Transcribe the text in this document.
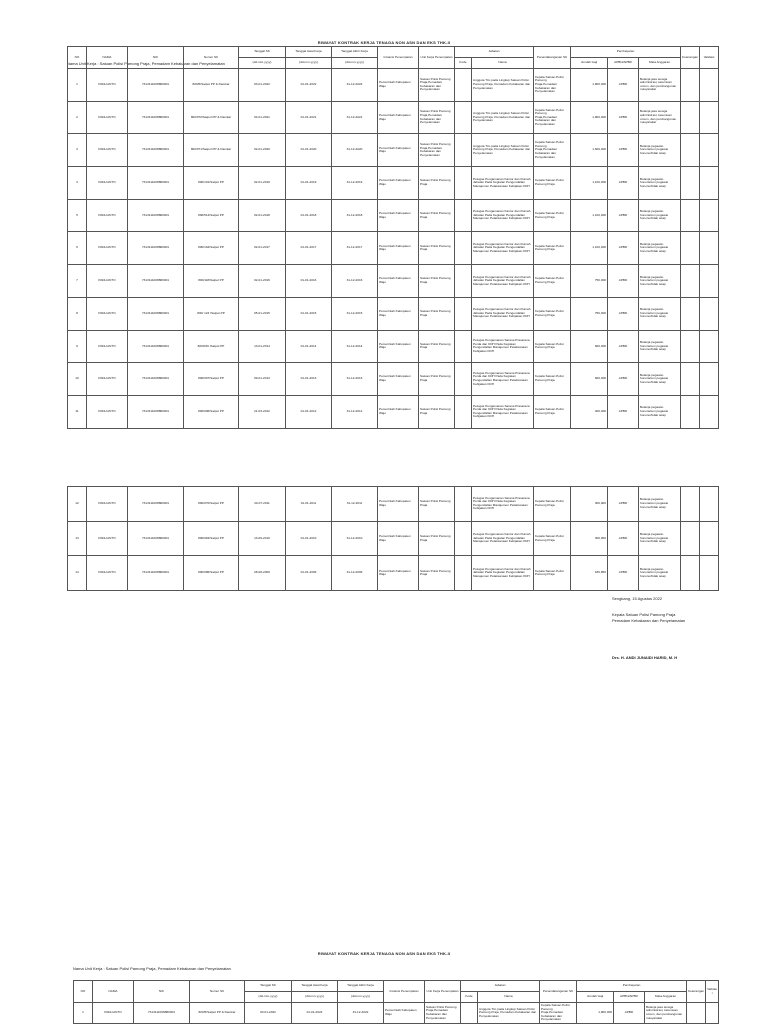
RIWAYAT KONTRAK KERJA TENAGA NON ASN DAN EKS THK-II
Nama Unit Kerja : Satuan Polisi Pamong Praja, Pemadam Kebakaran dan Penyelamatan
NO	NAMA	NIK	Nomor SK	Tanggal SK	Tanggal Awal Kerja	Tanggal Akhir Kerja	Instansi Penempatan	Unit Kerja Penempatan	Jabatan		Penandatanganan SK	Pembayaran			Keterangan	Validasi
				(dd-mm-yyyy)	(dd-mm-yyyy)	(dd-mm-yyyy)			Kode	Nama		Jumlah Gaji	APBN/APBD	Mata Anggaran		
1	PADLIANTO	7313111008880001	800/5/Satpol PP & Damkar	03-01-2022	01-01-2022	31-12-2022	Pemerintah Kabupaten Wajo	Satuan Polisi Pamong Praja,Pemadam Kebakaran dan Penyelamatan		Anggota Tim pada Lingkup Satuan Polisi Pamong Praja, Pemadam Kebakaran dan Penyelamatan	Kepala Satuan Polisi Pamong Praja,Pemadam Kebakaran dan Penyelamatan	1,800,000	APBD	Belanja jasa tenaga administrasi, ketentuan umum, dan pembangunan masyarakat		
2	PADLIANTO	7313111008880001	800/070/Satpol PP & Damkar	04-01-2021	01-01-2021	31-12-2021	Pemerintah Kabupaten Wajo	Satuan Polisi Pamong Praja,Pemadam Kebakaran dan Penyelamatan		Anggota Tim pada Lingkup Satuan Polisi Pamong Praja, Pemadam Kebakaran dan Penyelamatan	Kepala Satuan Polisi Pamong Praja,Pemadam Kebakaran dan Penyelamatan	1,800,000	APBD	Belanja jasa tenaga administrasi, ketentuan umum, dan pembangunan masyarakat		
3	PADLIANTO	7313111008880001	800/071/Satpol PP & Damkar	02-01-2020	01-01-2020	31-12-2020	Pemerintah Kabupaten Wajo	Satuan Polisi Pamong Praja,Pemadam Kebakaran dan Penyelamatan		Anggota Tim pada Lingkup Satuan Polisi Pamong Praja, Pemadam Kebakaran dan Penyelamatan	Kepala Satuan Polisi Pamong Praja,Pemadam Kebakaran dan Penyelamatan	1,600,000	APBD	Belanja pegawai-honorarium pegawai honorer/tidak tetap		
4	PADLIANTO	7313111008880001	800/101/Satpol PP	02-01-2019	01-01-2019	31-12-2019	Pemerintah Kabupaten Wajo	Satuan Polisi Pamong Praja		Petugas Pengamanan Kantor dan Rumah Jabatan Pada Kegiatan Pengendalian Manajemen Pelaksanaan Kebijakan KDH	Kepala Satuan Polisi Pamong Praja	1,100,000	APBD	Belanja pegawai-honorarium pegawai honorer/tidak tetap		
5	PADLIANTO	7313111008880001	800/514/Satpol PP	02-01-2018	01-01-2018	31-12-2018	Pemerintah Kabupaten Wajo	Satuan Polisi Pamong Praja		Petugas Pengamanan Kantor dan Rumah Jabatan Pada Kegiatan Pengendalian Manajemen Pelaksanaan Kebijakan KDH	Kepala Satuan Polisi Pamong Praja	1,100,000	APBD	Belanja pegawai-honorarium pegawai honorer/tidak tetap		
6	PADLIANTO	7313111008880001	800/164/Satpol PP	02-01-2017	01-01-2017	31-12-2017	Pemerintah Kabupaten Wajo	Satuan Polisi Pamong Praja		Petugas Pengamanan Kantor dan Rumah Jabatan Pada Kegiatan Pengendalian Manajemen Pelaksanaan Kebijakan KDH	Kepala Satuan Polisi Pamong Praja	1,100,000	APBD	Belanja pegawai-honorarium pegawai honorer/tidak tetap		
7	PADLIANTO	7313111008880001	800/118/Satpol PP	02-01-2016	01-01-2016	31-12-2016	Pemerintah Kabupaten Wajo	Satuan Polisi Pamong Praja		Petugas Pengamanan Kantor dan Rumah Jabatan Pada Kegiatan Pengendalian Manajemen Pelaksanaan Kebijakan KDH	Kepala Satuan Polisi Pamong Praja	750,000	APBD	Belanja pegawai-honorarium pegawai honorer/tidak tetap		
8	PADLIANTO	7313111008880001	800/ 123 /Satpol PP	05-01-2015	01-01-2015	31-12-2015	Pemerintah Kabupaten Wajo	Satuan Polisi Pamong Praja		Petugas Pengamanan Kantor dan Rumah Jabatan Pada Kegiatan Pengendalian Manajemen Pelaksanaan Kebijakan KDH	Kepala Satuan Polisi Pamong Praja	750,000	APBD	Belanja pegawai-honorarium pegawai honorer/tidak tetap		
9	PADLIANTO	7313111008880001	800/030 /Satpol PP	13-01-2014	01-01-2014	31-12-2014	Pemerintah Kabupaten Wajo	Satuan Polisi Pamong Praja		Petugas Pengamanan Sarana Prasarana Perda dan KDH Pada Kegiatan Pengendalian Manajemen Pelaksanaan Kebijakan KDH	Kepala Satuan Polisi Pamong Praja	600,000	APBD	Belanja pegawai-honorarium pegawai honorer/tidak tetap		
10	PADLIANTO	7313111008880001	800/007/Satpol PP	09-01-2013	01-01-2013	31-12-2013	Pemerintah Kabupaten Wajo	Satuan Polisi Pamong Praja		Petugas Pengamanan Sarana Prasarana Perda dan KDH Pada Kegiatan Pengendalian Manajemen Pelaksanaan Kebijakan KDH	Kepala Satuan Polisi Pamong Praja	600,000	APBD	Belanja pegawai-honorarium pegawai honorer/tidak tetap		
11	PADLIANTO	7313111008880001	800/096/Satpol PP	21-03-2012	01-01-2012	31-12-2012	Pemerintah Kabupaten Wajo	Satuan Polisi Pamong Praja		Petugas Pengamanan Sarana Prasarana Perda dan KDH Pada Kegiatan Pengendalian Manajemen Pelaksanaan Kebijakan KDH	Kepala Satuan Polisi Pamong Praja	400,000	APBD	Belanja pegawai-honorarium pegawai honorer/tidak tetap		
12	PADLIANTO	7313111008880001	800/070/Satpol PP	20-07-2011	01-01-2011	31-12-2011	Pemerintah Kabupaten Wajo	Satuan Polisi Pamong Praja		Petugas Pengamanan Sarana Prasarana Perda dan KDH Pada Kegiatan Pengendalian Manajemen Pelaksanaan Kebijakan KDH	Kepala Satuan Polisi Pamong Praja	300,000	APBD	Belanja pegawai-honorarium pegawai honorer/tidak tetap		
13	PADLIANTO	7313111008880001	800/094/Satpol PP	13-09-2010	01-01-2010	31-12-2010	Pemerintah Kabupaten Wajo	Satuan Polisi Pamong Praja		Petugas Pengamanan Kantor dan Rumah Jabatan Pada Kegiatan Pengendalian Manajemen Pelaksanaan Kebijakan KDH	Kepala Satuan Polisi Pamong Praja	300,000	APBD	Belanja pegawai-honorarium pegawai honorer/tidak tetap		
14	PADLIANTO	7313111008880001	800/086/Satpol PP	28-08-2009	01-01-2009	31-12-2009	Pemerintah Kabupaten Wajo	Satuan Polisi Pamong Praja		Petugas Pengamanan Kantor dan Rumah Jabatan Pada Kegiatan Pengendalian Manajemen Pelaksanaan Kebijakan KDH	Kepala Satuan Polisi Pamong Praja	186,850	APBD	Belanja pegawai-honorarium pegawai honorer/tidak tetap		
Sengkang, 15 Agustus 2022
Kepala Satuan Polisi Pamong Praja
Pemadam Kebakaran dan Penyelamatan
Drs. H. ANDI JUNAIDI HARID, M. H
RIWAYAT KONTRAK KERJA TENAGA NON ASN DAN EKS THK-II
Nama Unit Kerja : Satuan Polisi Pamong Praja, Pemadam Kebakaran dan Penyelamatan
NO	NAMA	NIK	Nomor SK	Tanggal SK	Tanggal Awal Kerja	Tanggal Akhir Kerja	Instansi Penempatan	Unit Kerja Penempatan	Jabatan		Penandatanganan SK	Pembayaran			Keterangan	Validasi
				(dd-mm-yyyy)	(dd-mm-yyyy)	(dd-mm-yyyy)			Kode	Nama		Jumlah Gaji	APBN/APBD	Mata Anggaran		
1	PADLIANTO	7313111008880001	800/5/Satpol PP & Damkar	03-01-2022	01-01-2022	31-12-2022	Pemerintah Kabupaten Wajo	Satuan Polisi Pamong Praja,Pemadam Kebakaran dan Penyelamatan		Anggota Tim pada Lingkup Satuan Polisi Pamong Praja, Pemadam Kebakaran dan Penyelamatan	Kepala Satuan Polisi Pamong Praja,Pemadam Kebakaran dan Penyelamatan	1,800,000	APBD	Belanja jasa tenaga administrasi, ketentuan umum, dan pembangunan masyarakat		
